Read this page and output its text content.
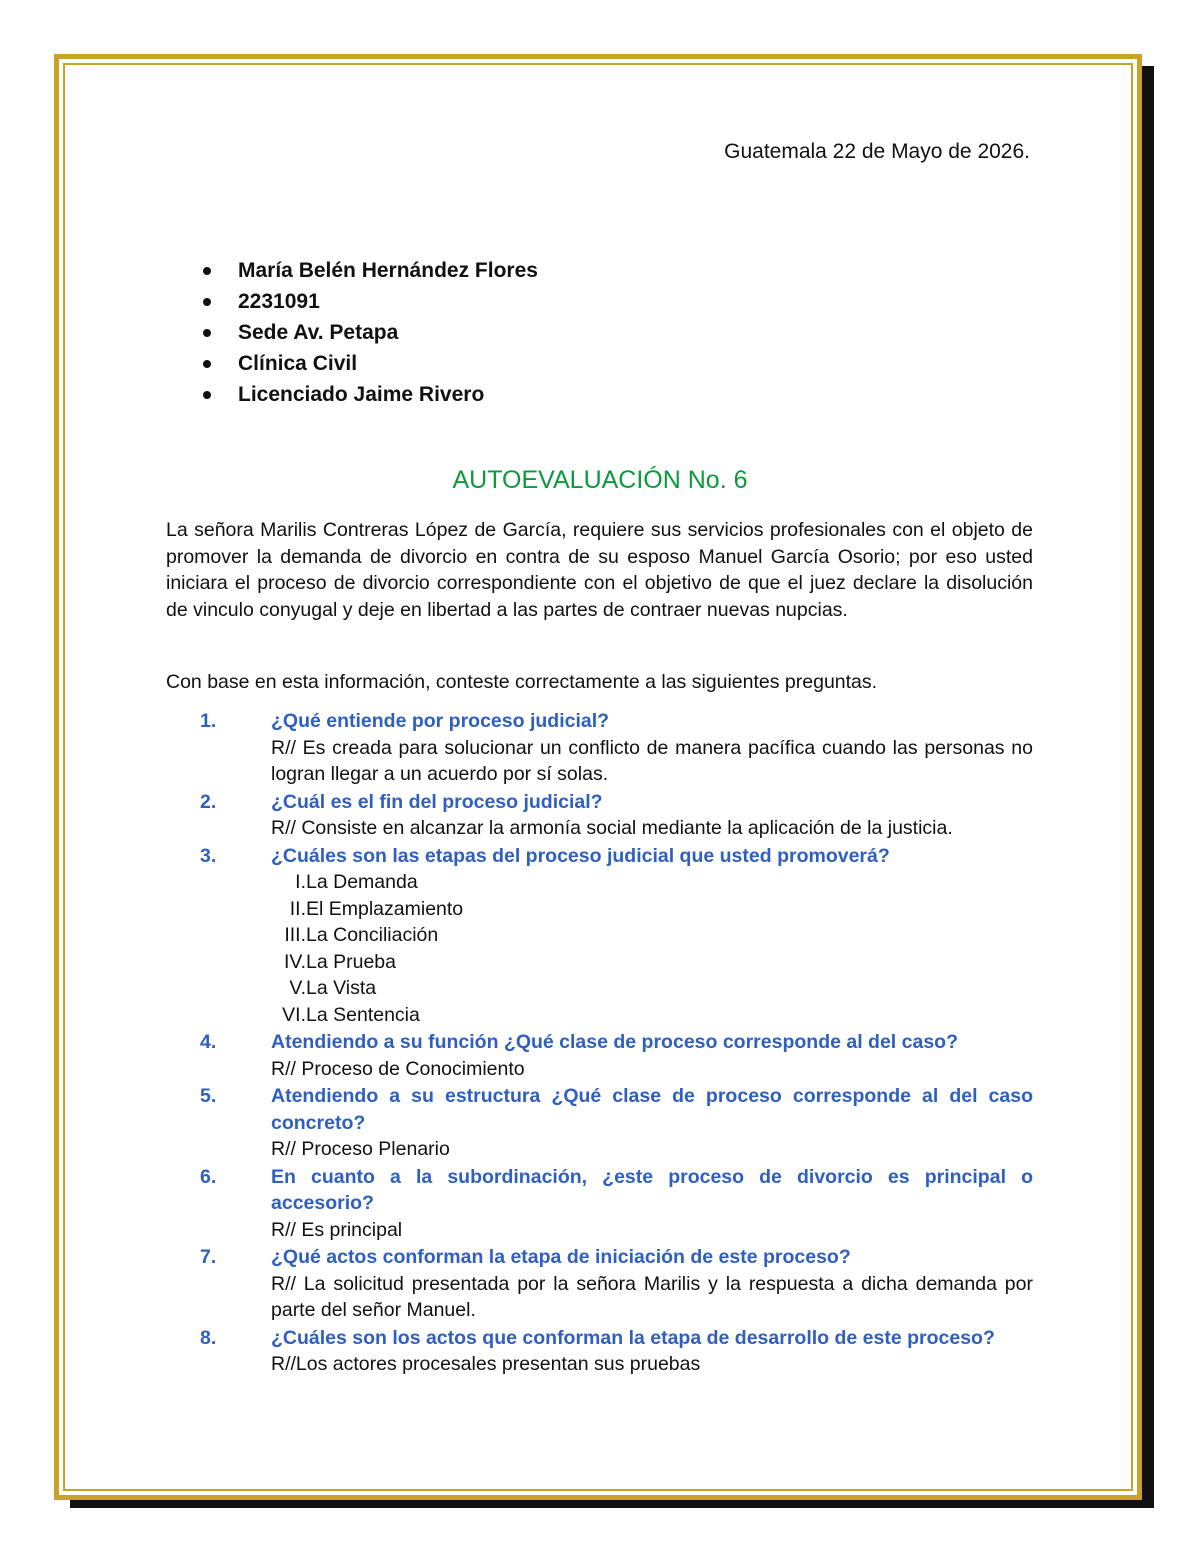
Guatemala 22 de Mayo de 2026.
María Belén Hernández Flores
2231091
Sede Av. Petapa
Clínica Civil
Licenciado Jaime Rivero
AUTOEVALUACIÓN No. 6

La señora Marilis Contreras López de García, requiere sus servicios profesionales con el objeto de promover la demanda de divorcio en contra de su esposo Manuel García Osorio; por eso usted iniciara el proceso de divorcio correspondiente con el objetivo de que el juez declare la disolución de vinculo conyugal y deje en libertad a las partes de contraer nuevas nupcias.

Con base en esta información, conteste correctamente a las siguientes preguntas.

1.	¿Qué entiende por proceso judicial?
R// Es creada para solucionar un conflicto de manera pacífica cuando las personas no logran llegar a un acuerdo por sí solas.
2.	¿Cuál es el fin del proceso judicial?
R// Consiste en alcanzar la armonía social mediante la aplicación de la justicia.
3.	¿Cuáles son las etapas del proceso judicial que usted promoverá?
I. La Demanda
II. El Emplazamiento
III. La Conciliación
IV. La Prueba
V. La Vista
VI. La Sentencia
4.	Atendiendo a su función ¿Qué clase de proceso corresponde al del caso?
R// Proceso de Conocimiento
5.	Atendiendo a su estructura ¿Qué clase de proceso corresponde al del caso concreto?
R// Proceso Plenario
6.	En cuanto a la subordinación, ¿este proceso de divorcio es principal o accesorio?
R// Es principal
7.	¿Qué actos conforman la etapa de iniciación de este proceso?
R// La solicitud presentada por la señora Marilis y la respuesta a dicha demanda por parte del señor Manuel.
8.	¿Cuáles son los actos que conforman la etapa de desarrollo de este proceso?
R//Los actores procesales presentan sus pruebas
